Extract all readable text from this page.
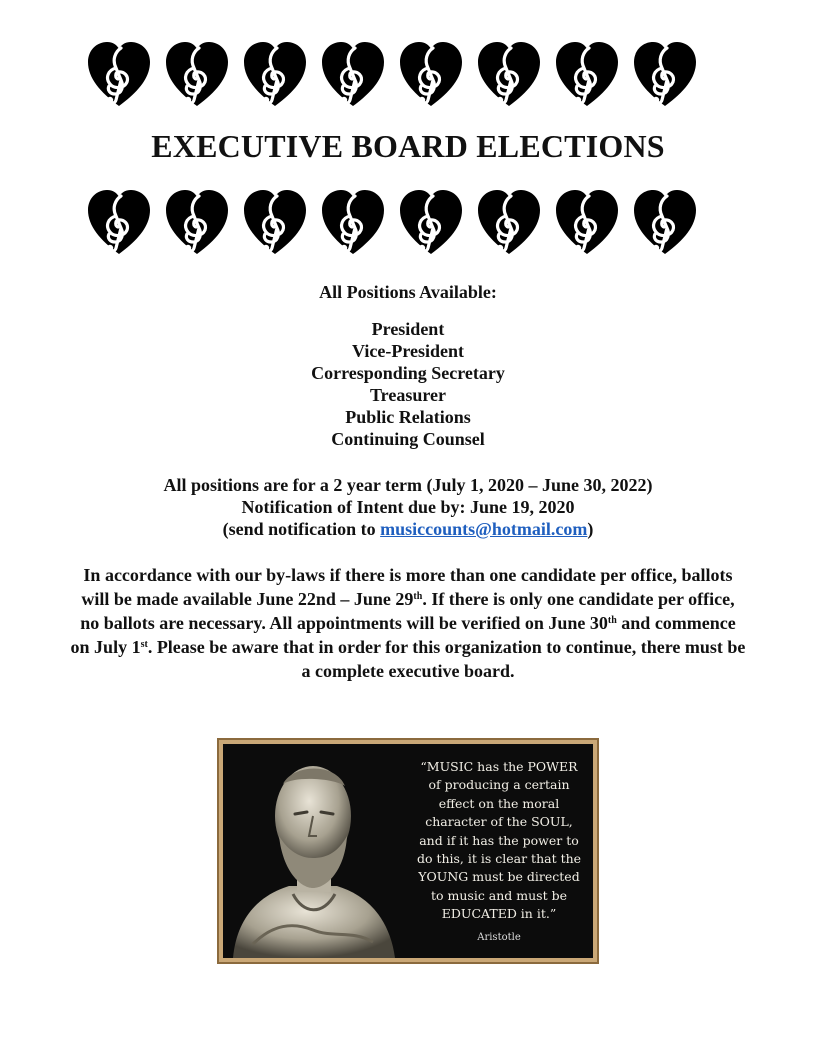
EXECUTIVE BOARD ELECTIONS
All Positions Available:
President
Vice-President
Corresponding Secretary
Treasurer
Public Relations
Continuing Counsel
All positions are for a 2 year term (July 1, 2020 – June 30, 2022)
Notification of Intent due by: June 19, 2020
(send notification to musiccounts@hotmail.com)
In accordance with our by-laws if there is more than one candidate per office, ballots will be made available June 22nd – June 29th. If there is only one candidate per office, no ballots are necessary. All appointments will be verified on June 30th and commence on July 1st. Please be aware that in order for this organization to continue, there must be a complete executive board.
“MUSIC has the POWER
of producing a certain
effect on the moral
character of the SOUL,
and if it has the power to
do this, it is clear that the
YOUNG must be directed
to music and must be
EDUCATED in it.”
Aristotle
